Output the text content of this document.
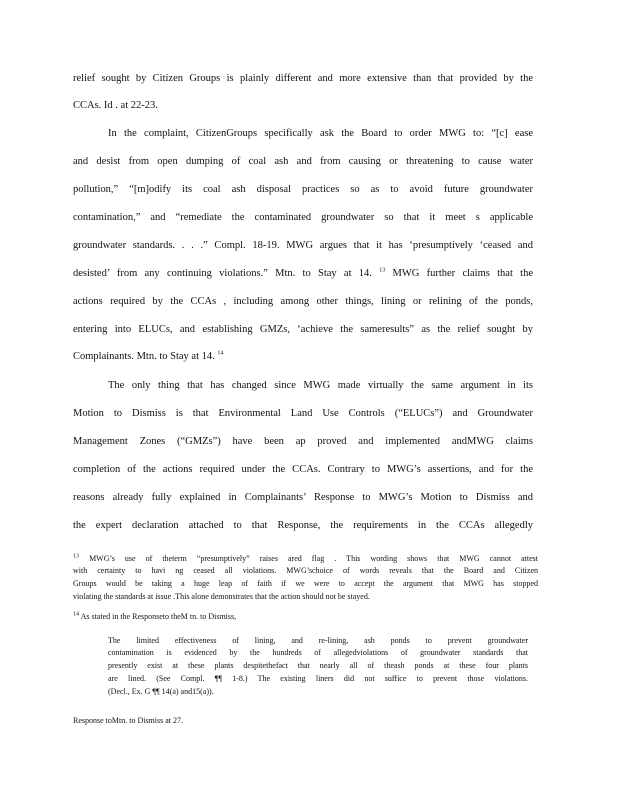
relief sought by Citizen Groups is plainly different and more extensive than that provided by the
CCAs. Id . at 22-23.
In the complaint, CitizenGroups specifically ask the Board to order MWG to: “[c] ease
and desist from open dumping of coal ash and from causing or threatening to cause water
pollution,” “[m]odify its coal ash disposal practices so as to avoid future groundwater
contamination,” and “remediate the contaminated groundwater so that it meet s applicable
groundwater standards. . . .” Compl. 18-19. MWG argues that it has ‘presumptively ‘ceased and
desisted’ from any continuing violations.” Mtn. to Stay at 14. $^{13}$ MWG further claims that the
actions required by the CCAs , including among other things, lining or relining of the ponds,
entering into ELUCs, and establishing GMZs, ‘achieve the sameresults” as the relief sought by
Complainants. Mtn. to Stay at 14. $^{14}$
The only thing that has changed since MWG made virtually the same argument in its
Motion to Dismiss is that Environmental Land Use Controls (“ELUCs”) and Groundwater
Management Zones (“GMZs”) have been ap proved and implemented andMWG claims
completion of the actions required under the CCAs. Contrary to MWG’s assertions, and for the
reasons already fully explained in Complainants’ Response to MWG’s Motion to Dismiss and
the expert declaration attached to that Response, the requirements in the CCAs allegedly
$^{13}$ MWG’s use of theterm “presumptively” raises ared flag . This wording shows that MWG cannot attest
with certainty to havi ng ceased all violations. MWG’schoice of words reveals that the Board and Citizen
Groups would be taking a huge leap of faith if we were to accept the argument that MWG has stopped
violating the standards at issue .This alone demonstrates that the action should not be stayed.
$^{14}$ As stated in the Responseto theM tn. to Dismiss,
The limited effectiveness of lining, and re-lining, ash ponds to prevent groundwater
contamination is evidenced by the hundreds of allegedviolations of groundwater standards that
presently exist at these plants despitethefact that nearly all of theash ponds at these four plants
are lined. (See Compl. ¶¶ 1-8.) The existing liners did not suffice to prevent those violations.
(Decl., Ex. G ¶¶ 14(a) and15(a)).
Response toMtn. to Dismiss at 27.
